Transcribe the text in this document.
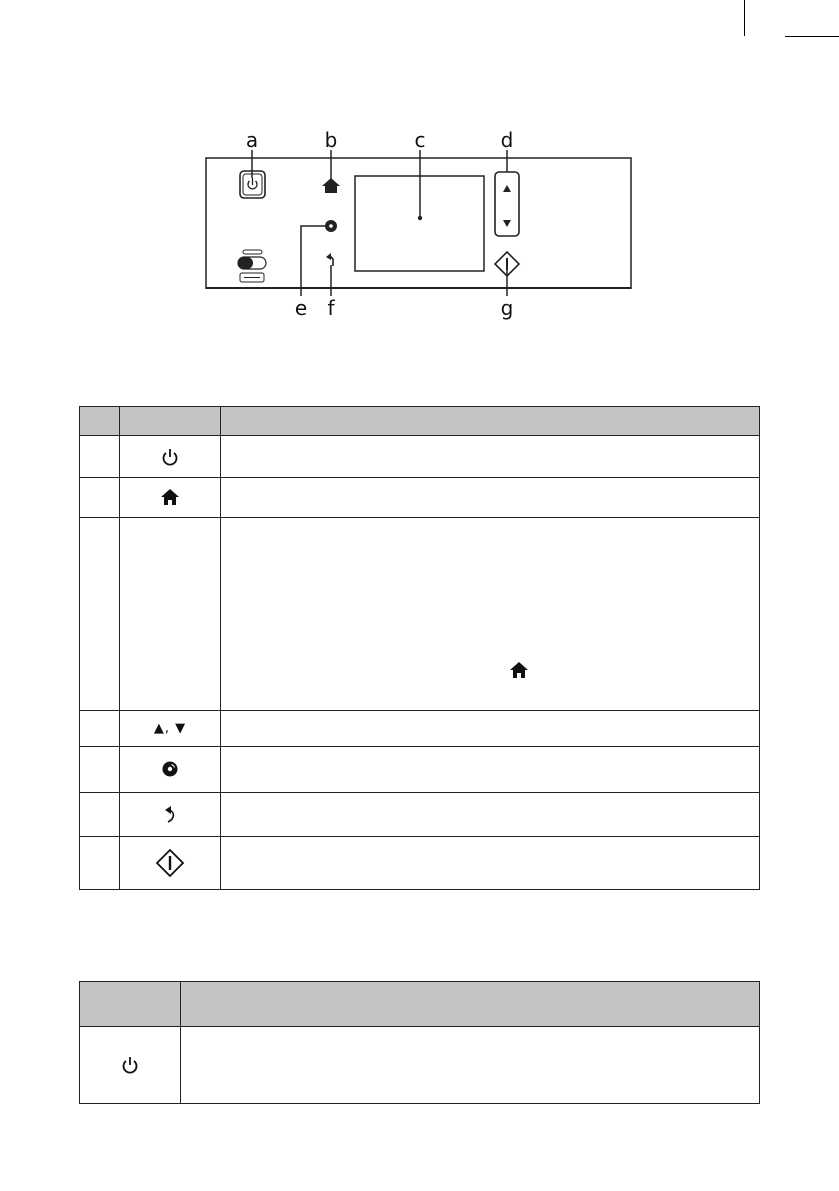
a	b	c	d
e	f	g

	▲, ▼	
